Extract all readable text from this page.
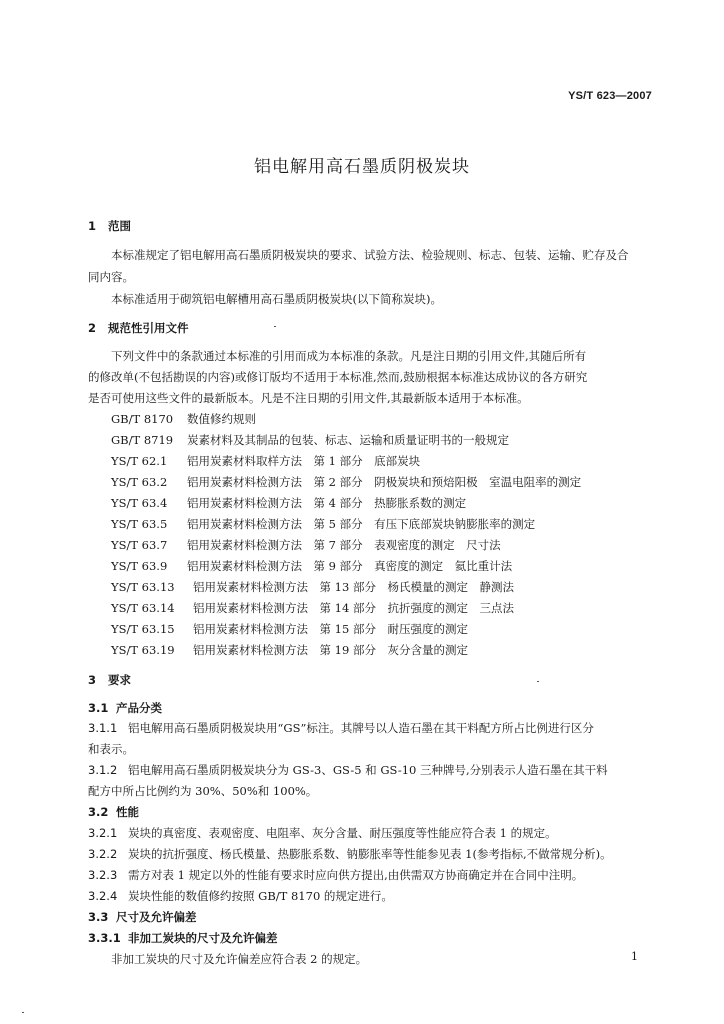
YS/T 623—2007
铝电解用高石墨质阴极炭块
1 范围
本标准规定了铝电解用高石墨质阴极炭块的要求、试验方法、检验规则、标志、包装、运输、贮存及合
同内容。
本标准适用于砌筑铝电解槽用高石墨质阴极炭块(以下简称炭块)。
2 规范性引用文件
下列文件中的条款通过本标准的引用而成为本标准的条款。凡是注日期的引用文件,其随后所有
的修改单(不包括勘误的内容)或修订版均不适用于本标准,然而,鼓励根据本标准达成协议的各方研究
是否可使用这些文件的最新版本。凡是不注日期的引用文件,其最新版本适用于本标准。
GB/T 8170 数值修约规则
GB/T 8719 炭素材料及其制品的包装、标志、运输和质量证明书的一般规定
YS/T 62.1 铝用炭素材料取样方法　第 1 部分　底部炭块
YS/T 63.2 铝用炭素材料检测方法　第 2 部分　阴极炭块和预焙阳极　室温电阻率的测定
YS/T 63.4 铝用炭素材料检测方法　第 4 部分　热膨胀系数的测定
YS/T 63.5 铝用炭素材料检测方法　第 5 部分　有压下底部炭块钠膨胀率的测定
YS/T 63.7 铝用炭素材料检测方法　第 7 部分　表观密度的测定　尺寸法
YS/T 63.9 铝用炭素材料检测方法　第 9 部分　真密度的测定　氦比重计法
YS/T 63.13 铝用炭素材料检测方法　第 13 部分　杨氏模量的测定　静测法
YS/T 63.14 铝用炭素材料检测方法　第 14 部分　抗折强度的测定　三点法
YS/T 63.15 铝用炭素材料检测方法　第 15 部分　耐压强度的测定
YS/T 63.19 铝用炭素材料检测方法　第 19 部分　灰分含量的测定
3 要求
3.1 产品分类
3.1.1 铝电解用高石墨质阴极炭块用“GS”标注。其牌号以人造石墨在其干料配方所占比例进行区分
和表示。
3.1.2 铝电解用高石墨质阴极炭块分为 GS-3、GS-5 和 GS-10 三种牌号,分别表示人造石墨在其干料
配方中所占比例约为 30%、50%和 100%。
3.2 性能
3.2.1 炭块的真密度、表观密度、电阻率、灰分含量、耐压强度等性能应符合表 1 的规定。
3.2.2 炭块的抗折强度、杨氏模量、热膨胀系数、钠膨胀率等性能参见表 1(参考指标,不做常规分析)。
3.2.3 需方对表 1 规定以外的性能有要求时应向供方提出,由供需双方协商确定并在合同中注明。
3.2.4 炭块性能的数值修约按照 GB/T 8170 的规定进行。
3.3 尺寸及允许偏差
3.3.1 非加工炭块的尺寸及允许偏差
非加工炭块的尺寸及允许偏差应符合表 2 的规定。	1
